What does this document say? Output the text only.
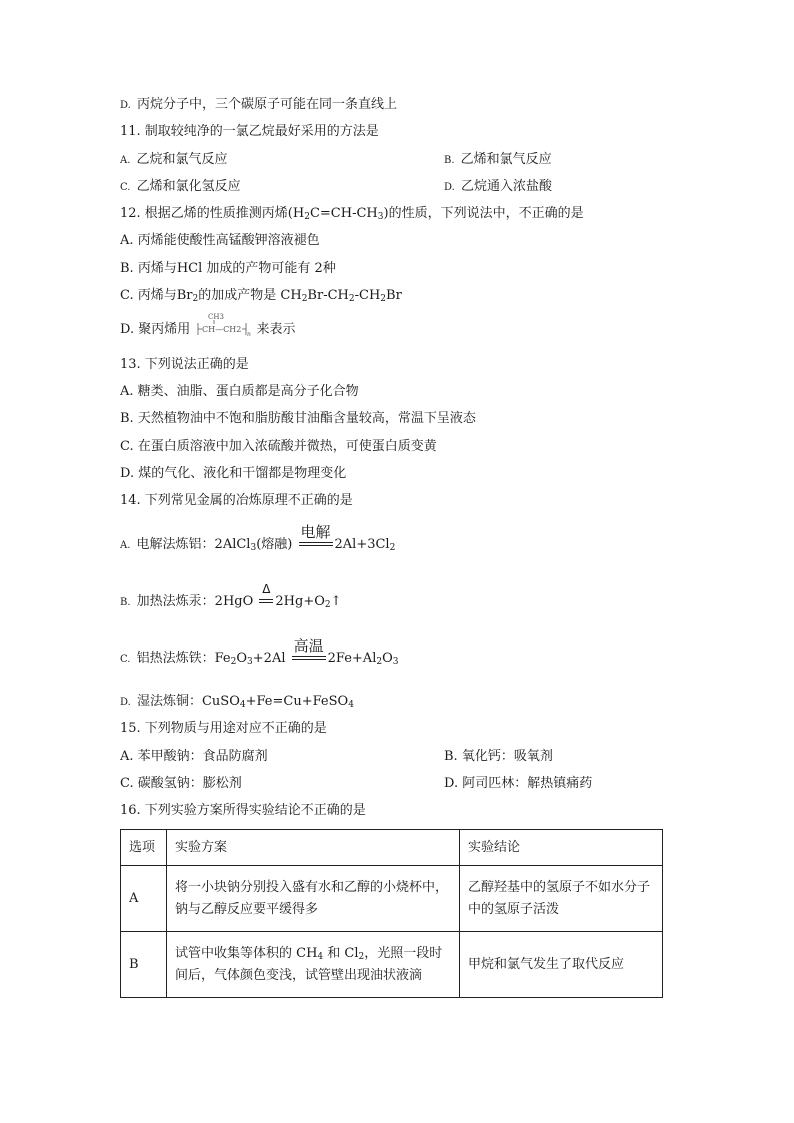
D. 丙烷分子中，三个碳原子可能在同一条直线上
11. 制取较纯净的一氯乙烷最好采用的方法是
A. 乙烷和氯气反应	B. 乙烯和氯气反应
C. 乙烯和氯化氢反应	D. 乙烷通入浓盐酸
12. 根据乙烯的性质推测丙烯$(H_2C=CH-CH_3)$的性质，下列说法中，不正确的是
A. 丙烯能使酸性高锰酸钾溶液褪色
B. 丙烯与HCl 加成的产物可能有 2种
C. 丙烯与$Br_2$的加成产物是 $CH_2Br-CH_2-CH_2Br$
D. 聚丙烯用
CH3
CH—CH2
n 来表示
13. 下列说法正确的是
A. 糖类、油脂、蛋白质都是高分子化合物
B. 天然植物油中不饱和脂肪酸甘油酯含量较高，常温下呈液态
C. 在蛋白质溶液中加入浓硫酸并微热，可使蛋白质变黄
D. 煤的气化、液化和干馏都是物理变化
14. 下列常见金属的冶炼原理不正确的是
A. 电解法炼铝：2AlCl$_3$(熔融)
电解
$2Al+3Cl_2$
B. 加热法炼汞：2HgO
Δ
$2Hg+O_2↑$
C. 铝热法炼铁：$Fe_2O_3+2Al$
高温
$2Fe+Al_2O_3$
D. 湿法炼铜：CuSO$_4$+Fe=Cu+FeSO$_4$
15. 下列物质与用途对应不正确的是
A. 苯甲酸钠：食品防腐剂	B. 氧化钙：吸氧剂
C. 碳酸氢钠：膨松剂	D. 阿司匹林：解热镇痛药
16. 下列实验方案所得实验结论不正确的是
选项	实验方案	实验结论
A	将一小块钠分别投入盛有水和乙醇的小烧杯中，钠与乙醇反应要平缓得多	乙醇羟基中的氢原子不如水分子中的氢原子活泼
B	试管中收集等体积的 $CH_4$ 和 $Cl_2$，光照一段时间后，气体颜色变浅，试管壁出现油状液滴	甲烷和氯气发生了取代反应
